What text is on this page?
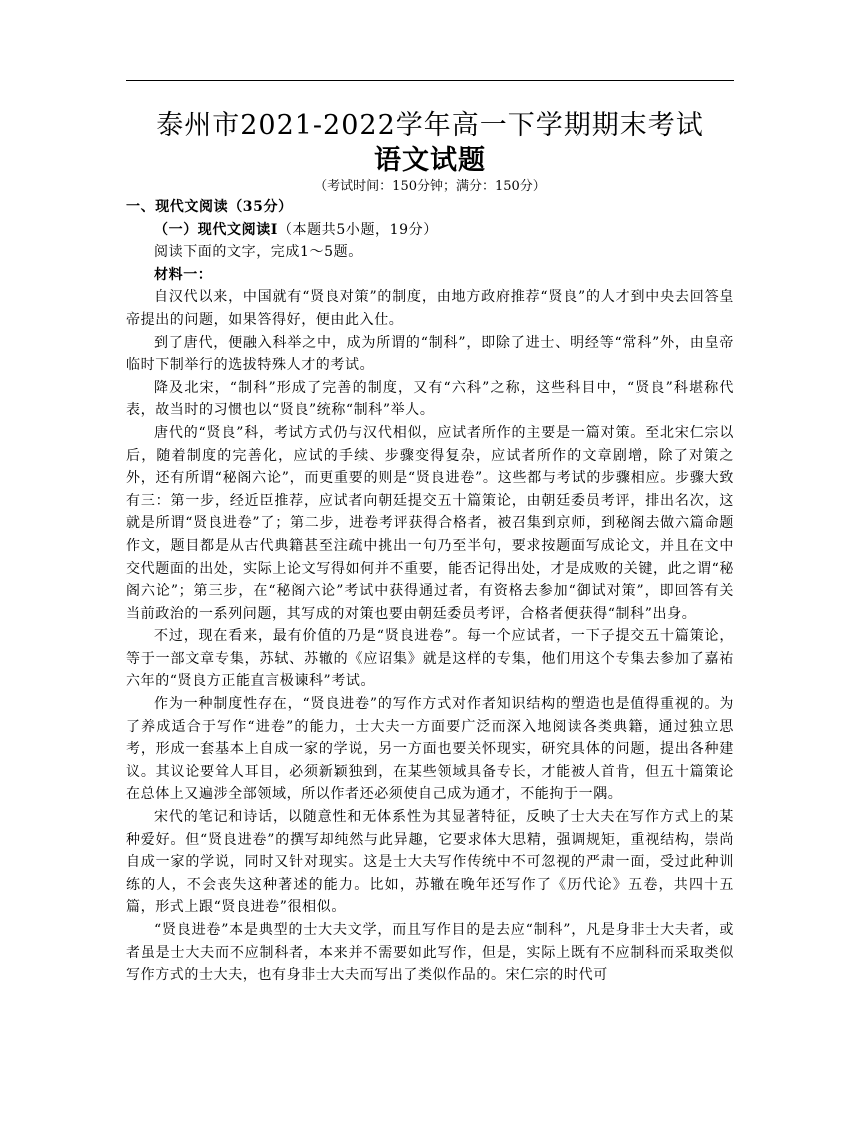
泰州市2021-2022学年高一下学期期末考试
语文试题
（考试时间：150分钟；满分：150分）

一、现代文阅读（35分）

（一）现代文阅读Ⅰ（本题共5小题，19分）

阅读下面的文字，完成1～5题。

材料一：

自汉代以来，中国就有“贤良对策”的制度，由地方政府推荐“贤良”的人才到中央去回答皇帝提出的问题，如果答得好，便由此入仕。

到了唐代，便融入科举之中，成为所谓的“制科”，即除了进士、明经等“常科”外，由皇帝临时下制举行的选拔特殊人才的考试。

降及北宋，“制科”形成了完善的制度，又有“六科”之称，这些科目中，“贤良”科堪称代表，故当时的习惯也以“贤良”统称“制科”举人。

唐代的“贤良”科，考试方式仍与汉代相似，应试者所作的主要是一篇对策。至北宋仁宗以后，随着制度的完善化，应试的手续、步骤变得复杂，应试者所作的文章剧增，除了对策之外，还有所谓“秘阁六论”，而更重要的则是“贤良进卷”。这些都与考试的步骤相应。步骤大致有三：第一步，经近臣推荐，应试者向朝廷提交五十篇策论，由朝廷委员考评，排出名次，这就是所谓“贤良进卷”了；第二步，进卷考评获得合格者，被召集到京师，到秘阁去做六篇命题作文，题目都是从古代典籍甚至注疏中挑出一句乃至半句，要求按题面写成论文，并且在文中交代题面的出处，实际上论文写得如何并不重要，能否记得出处，才是成败的关键，此之谓“秘阁六论”；第三步，在“秘阁六论”考试中获得通过者，有资格去参加“御试对策”，即回答有关当前政治的一系列问题，其写成的对策也要由朝廷委员考评，合格者便获得“制科”出身。

不过，现在看来，最有价值的乃是“贤良进卷”。每一个应试者，一下子提交五十篇策论，等于一部文章专集，苏轼、苏辙的《应诏集》就是这样的专集，他们用这个专集去参加了嘉祐六年的“贤良方正能直言极谏科”考试。

作为一种制度性存在，“贤良进卷”的写作方式对作者知识结构的塑造也是值得重视的。为了养成适合于写作“进卷”的能力，士大夫一方面要广泛而深入地阅读各类典籍，通过独立思考，形成一套基本上自成一家的学说，另一方面也要关怀现实，研究具体的问题，提出各种建议。其议论要耸人耳目，必须新颖独到，在某些领域具备专长，才能被人首肯，但五十篇策论在总体上又遍涉全部领域，所以作者还必须使自己成为通才，不能拘于一隅。

宋代的笔记和诗话，以随意性和无体系性为其显著特征，反映了士大夫在写作方式上的某种爱好。但“贤良进卷”的撰写却纯然与此异趣，它要求体大思精，强调规矩，重视结构，崇尚自成一家的学说，同时又针对现实。这是士大夫写作传统中不可忽视的严肃一面，受过此种训练的人，不会丧失这种著述的能力。比如，苏辙在晚年还写作了《历代论》五卷，共四十五篇，形式上跟“贤良进卷”很相似。

“贤良进卷”本是典型的士大夫文学，而且写作目的是去应“制科”，凡是身非士大夫者，或者虽是士大夫而不应制科者，本来并不需要如此写作，但是，实际上既有不应制科而采取类似写作方式的士大夫，也有身非士大夫而写出了类似作品的。宋仁宗的时代可
